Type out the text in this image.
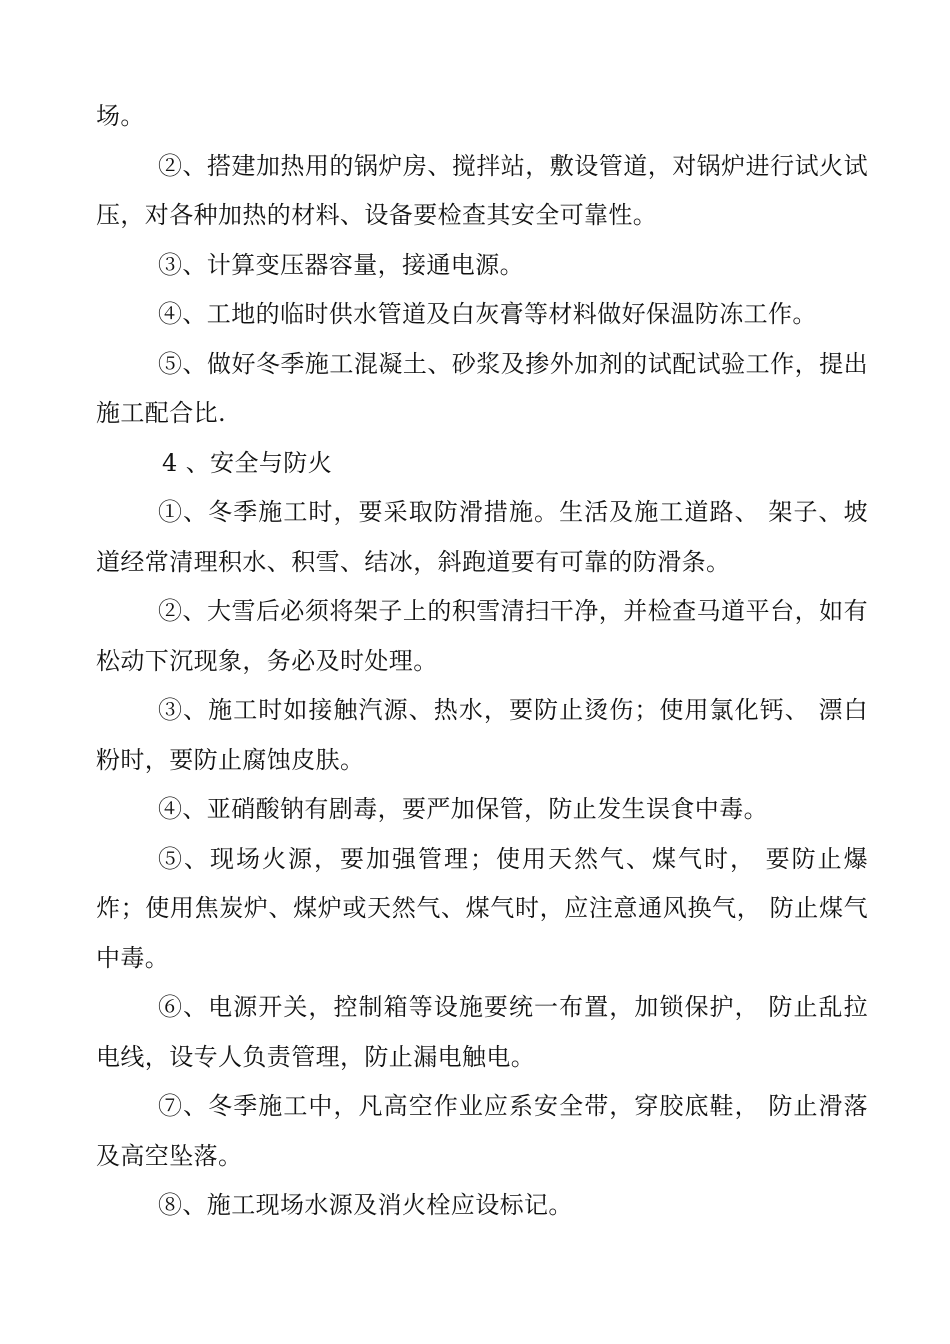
场。

②、搭建加热用的锅炉房、搅拌站，敷设管道，对锅炉进行试火试压，对各种加热的材料、设备要检查其安全可靠性。

③、计算变压器容量，接通电源。

④、工地的临时供水管道及白灰膏等材料做好保温防冻工作。

⑤、做好冬季施工混凝土、砂浆及掺外加剂的试配试验工作，提出施工配合比.

4 、安全与防火

①、冬季施工时，要采取防滑措施。生活及施工道路、 架子、坡道经常清理积水、积雪、结冰，斜跑道要有可靠的防滑条。

②、大雪后必须将架子上的积雪清扫干净，并检查马道平台，如有松动下沉现象，务必及时处理。

③、施工时如接触汽源、热水，要防止烫伤；使用氯化钙、 漂白粉时，要防止腐蚀皮肤。

④、亚硝酸钠有剧毒，要严加保管，防止发生误食中毒。

⑤、现场火源，要加强管理；使用天然气、煤气时， 要防止爆炸；使用焦炭炉、煤炉或天然气、煤气时，应注意通风换气， 防止煤气中毒。

⑥、电源开关，控制箱等设施要统一布置，加锁保护， 防止乱拉电线，设专人负责管理，防止漏电触电。

⑦、冬季施工中，凡高空作业应系安全带，穿胶底鞋， 防止滑落及高空坠落。

⑧、施工现场水源及消火栓应设标记。
